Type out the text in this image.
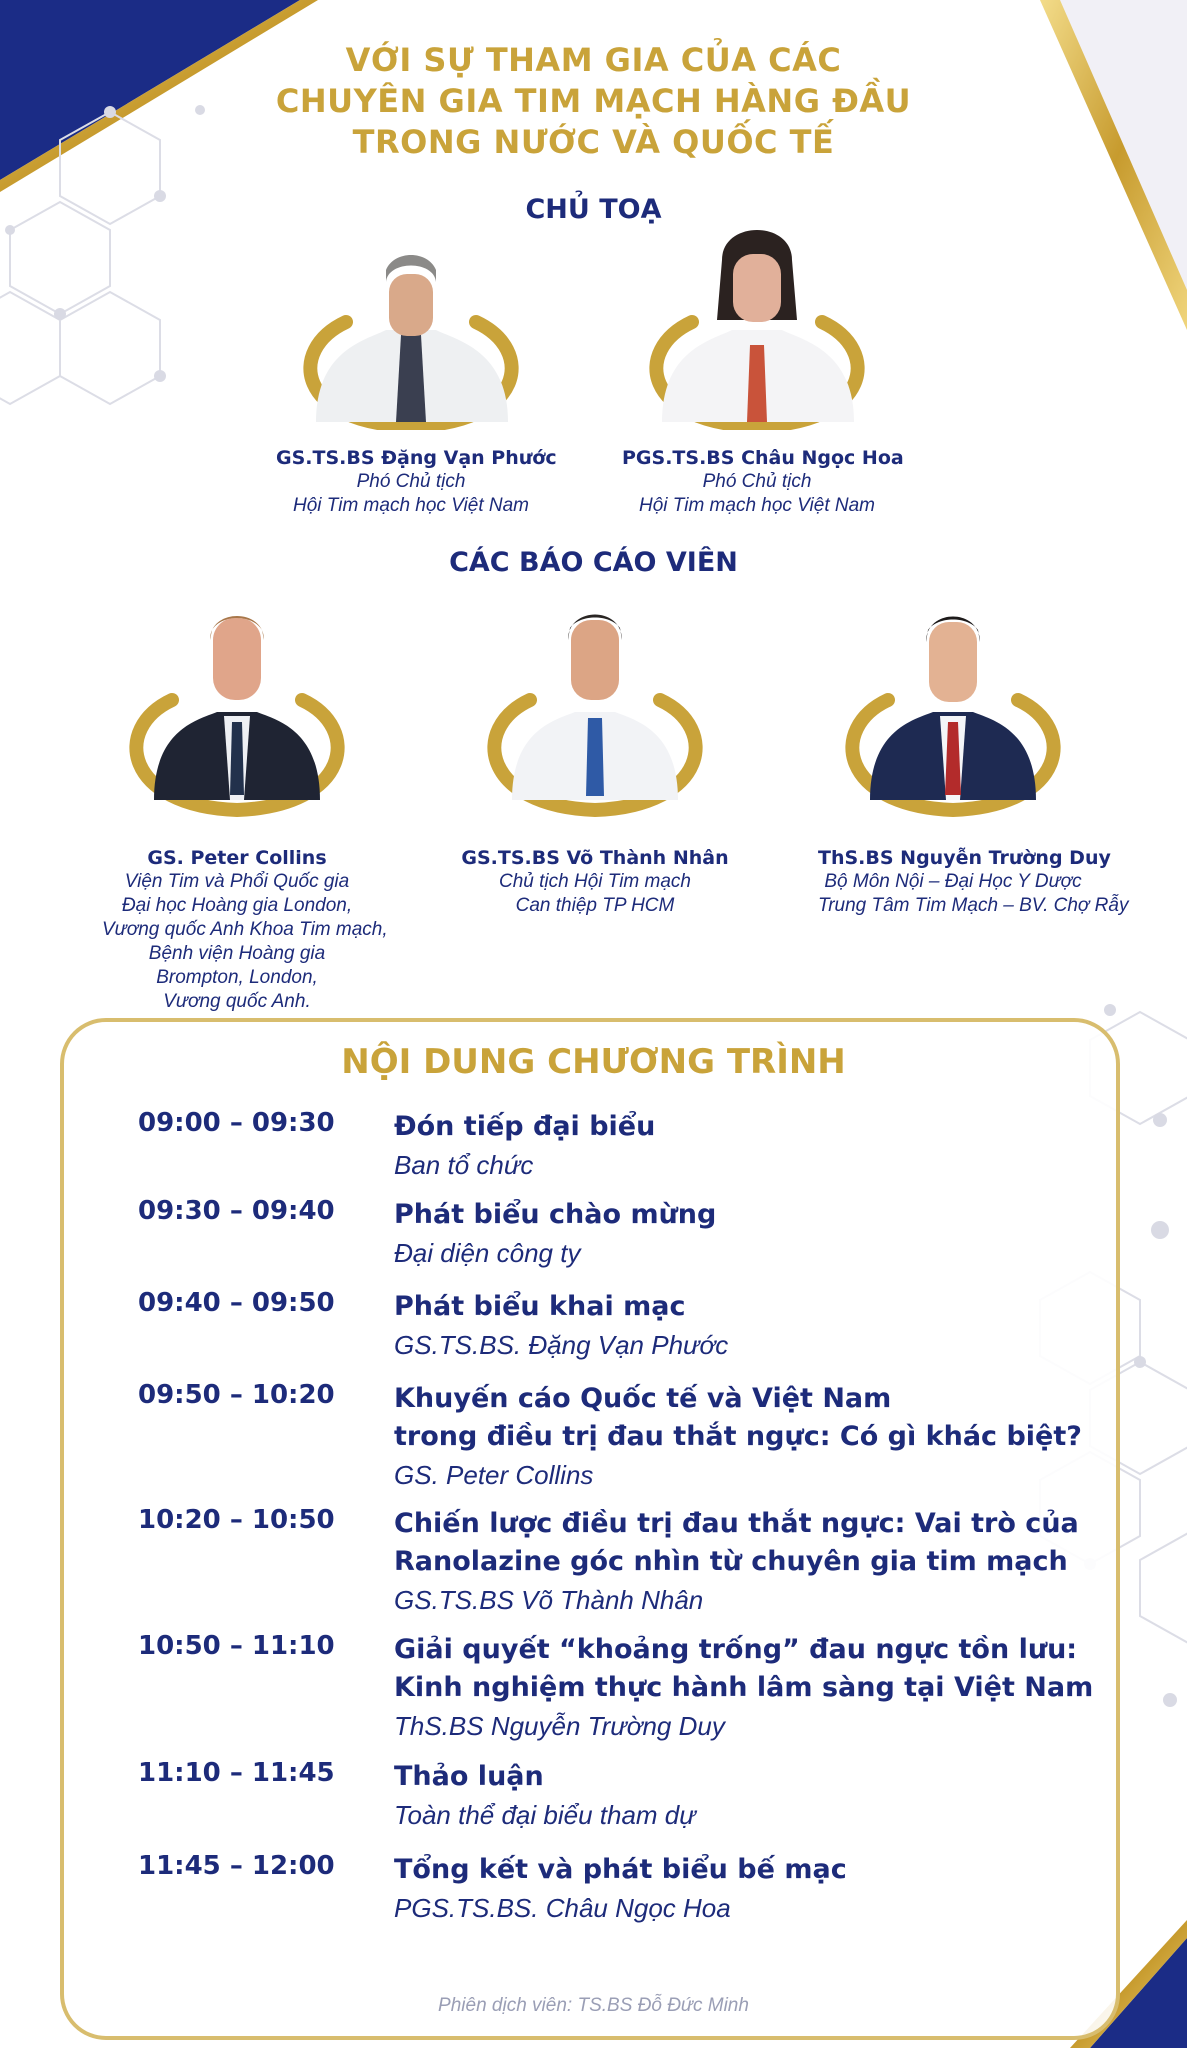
VỚI SỰ THAM GIA CỦA CÁC
CHUYÊN GIA TIM MẠCH HÀNG ĐẦU
TRONG NƯỚC VÀ QUỐC TẾ
CHỦ TOẠ
GS.TS.BS Đặng Vạn Phước
Phó Chủ tịch
Hội Tim mạch học Việt Nam
PGS.TS.BS Châu Ngọc Hoa
Phó Chủ tịch
Hội Tim mạch học Việt Nam
CÁC BÁO CÁO VIÊN
GS. Peter Collins
Viện Tim và Phổi Quốc gia
Đại học Hoàng gia London,
Vương quốc Anh Khoa Tim mạch,
Bệnh viện Hoàng gia
Brompton, London,
Vương quốc Anh.
GS.TS.BS Võ Thành Nhân
Chủ tịch Hội Tim mạch
Can thiệp TP HCM
ThS.BS Nguyễn Trường Duy
Bộ Môn Nội – Đại Học Y Dược
Trung Tâm Tim Mạch – BV. Chợ Rẫy
NỘI DUNG CHƯƠNG TRÌNH
09:00 – 09:30 Đón tiếp đại biểu
Ban tổ chức
09:30 – 09:40 Phát biểu chào mừng
Đại diện công ty
09:40 – 09:50 Phát biểu khai mạc
GS.TS.BS. Đặng Vạn Phước
09:50 – 10:20 Khuyến cáo Quốc tế và Việt Nam
trong điều trị đau thắt ngực: Có gì khác biệt?
GS. Peter Collins
10:20 – 10:50 Chiến lược điều trị đau thắt ngực: Vai trò của
Ranolazine góc nhìn từ chuyên gia tim mạch
GS.TS.BS Võ Thành Nhân
10:50 – 11:10 Giải quyết “khoảng trống” đau ngực tồn lưu:
Kinh nghiệm thực hành lâm sàng tại Việt Nam
ThS.BS Nguyễn Trường Duy
11:10 – 11:45 Thảo luận
Toàn thể đại biểu tham dự
11:45 – 12:00 Tổng kết và phát biểu bế mạc
PGS.TS.BS. Châu Ngọc Hoa
Phiên dịch viên: TS.BS Đỗ Đức Minh
